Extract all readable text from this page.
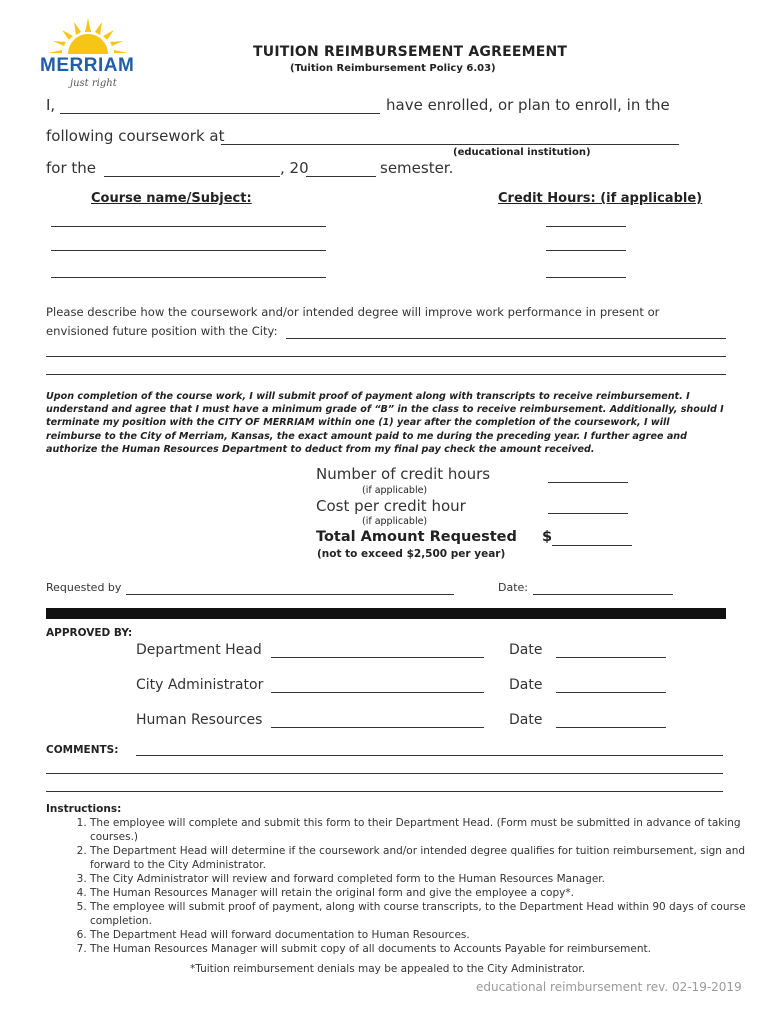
MERRIAM
just right
TUITION REIMBURSEMENT AGREEMENT
(Tuition Reimbursement Policy 6.03)
I,	have enrolled, or plan to enroll, in the
following coursework at
(educational institution)
for the	, 20	semester.
Course name/Subject:	Credit Hours: (if applicable)
Please describe how the coursework and/or intended degree will improve work performance in present or
envisioned future position with the City:
Upon completion of the course work, I will submit proof of payment along with transcripts to receive reimbursement. I understand and agree that I must have a minimum grade of “B” in the class to receive reimbursement. Additionally, should I terminate my position with the CITY OF MERRIAM within one (1) year after the completion of the coursework, I will reimburse to the City of Merriam, Kansas, the exact amount paid to me during the preceding year. I further agree and authorize the Human Resources Department to deduct from my final pay check the amount received.
Number of credit hours
(if applicable)
Cost per credit hour
(if applicable)
Total Amount Requested $
(not to exceed $2,500 per year)
Requested by	Date:
APPROVED BY:
Department Head	Date
City Administrator	Date
Human Resources	Date
COMMENTS:
Instructions:
1. The employee will complete and submit this form to their Department Head. (Form must be submitted in advance of taking courses.)
2. The Department Head will determine if the coursework and/or intended degree qualifies for tuition reimbursement, sign and forward to the City Administrator.
3. The City Administrator will review and forward completed form to the Human Resources Manager.
4. The Human Resources Manager will retain the original form and give the employee a copy*.
5. The employee will submit proof of payment, along with course transcripts, to the Department Head within 90 days of course completion.
6. The Department Head will forward documentation to Human Resources.
7. The Human Resources Manager will submit copy of all documents to Accounts Payable for reimbursement.
*Tuition reimbursement denials may be appealed to the City Administrator.
educational reimbursement rev. 02-19-2019
